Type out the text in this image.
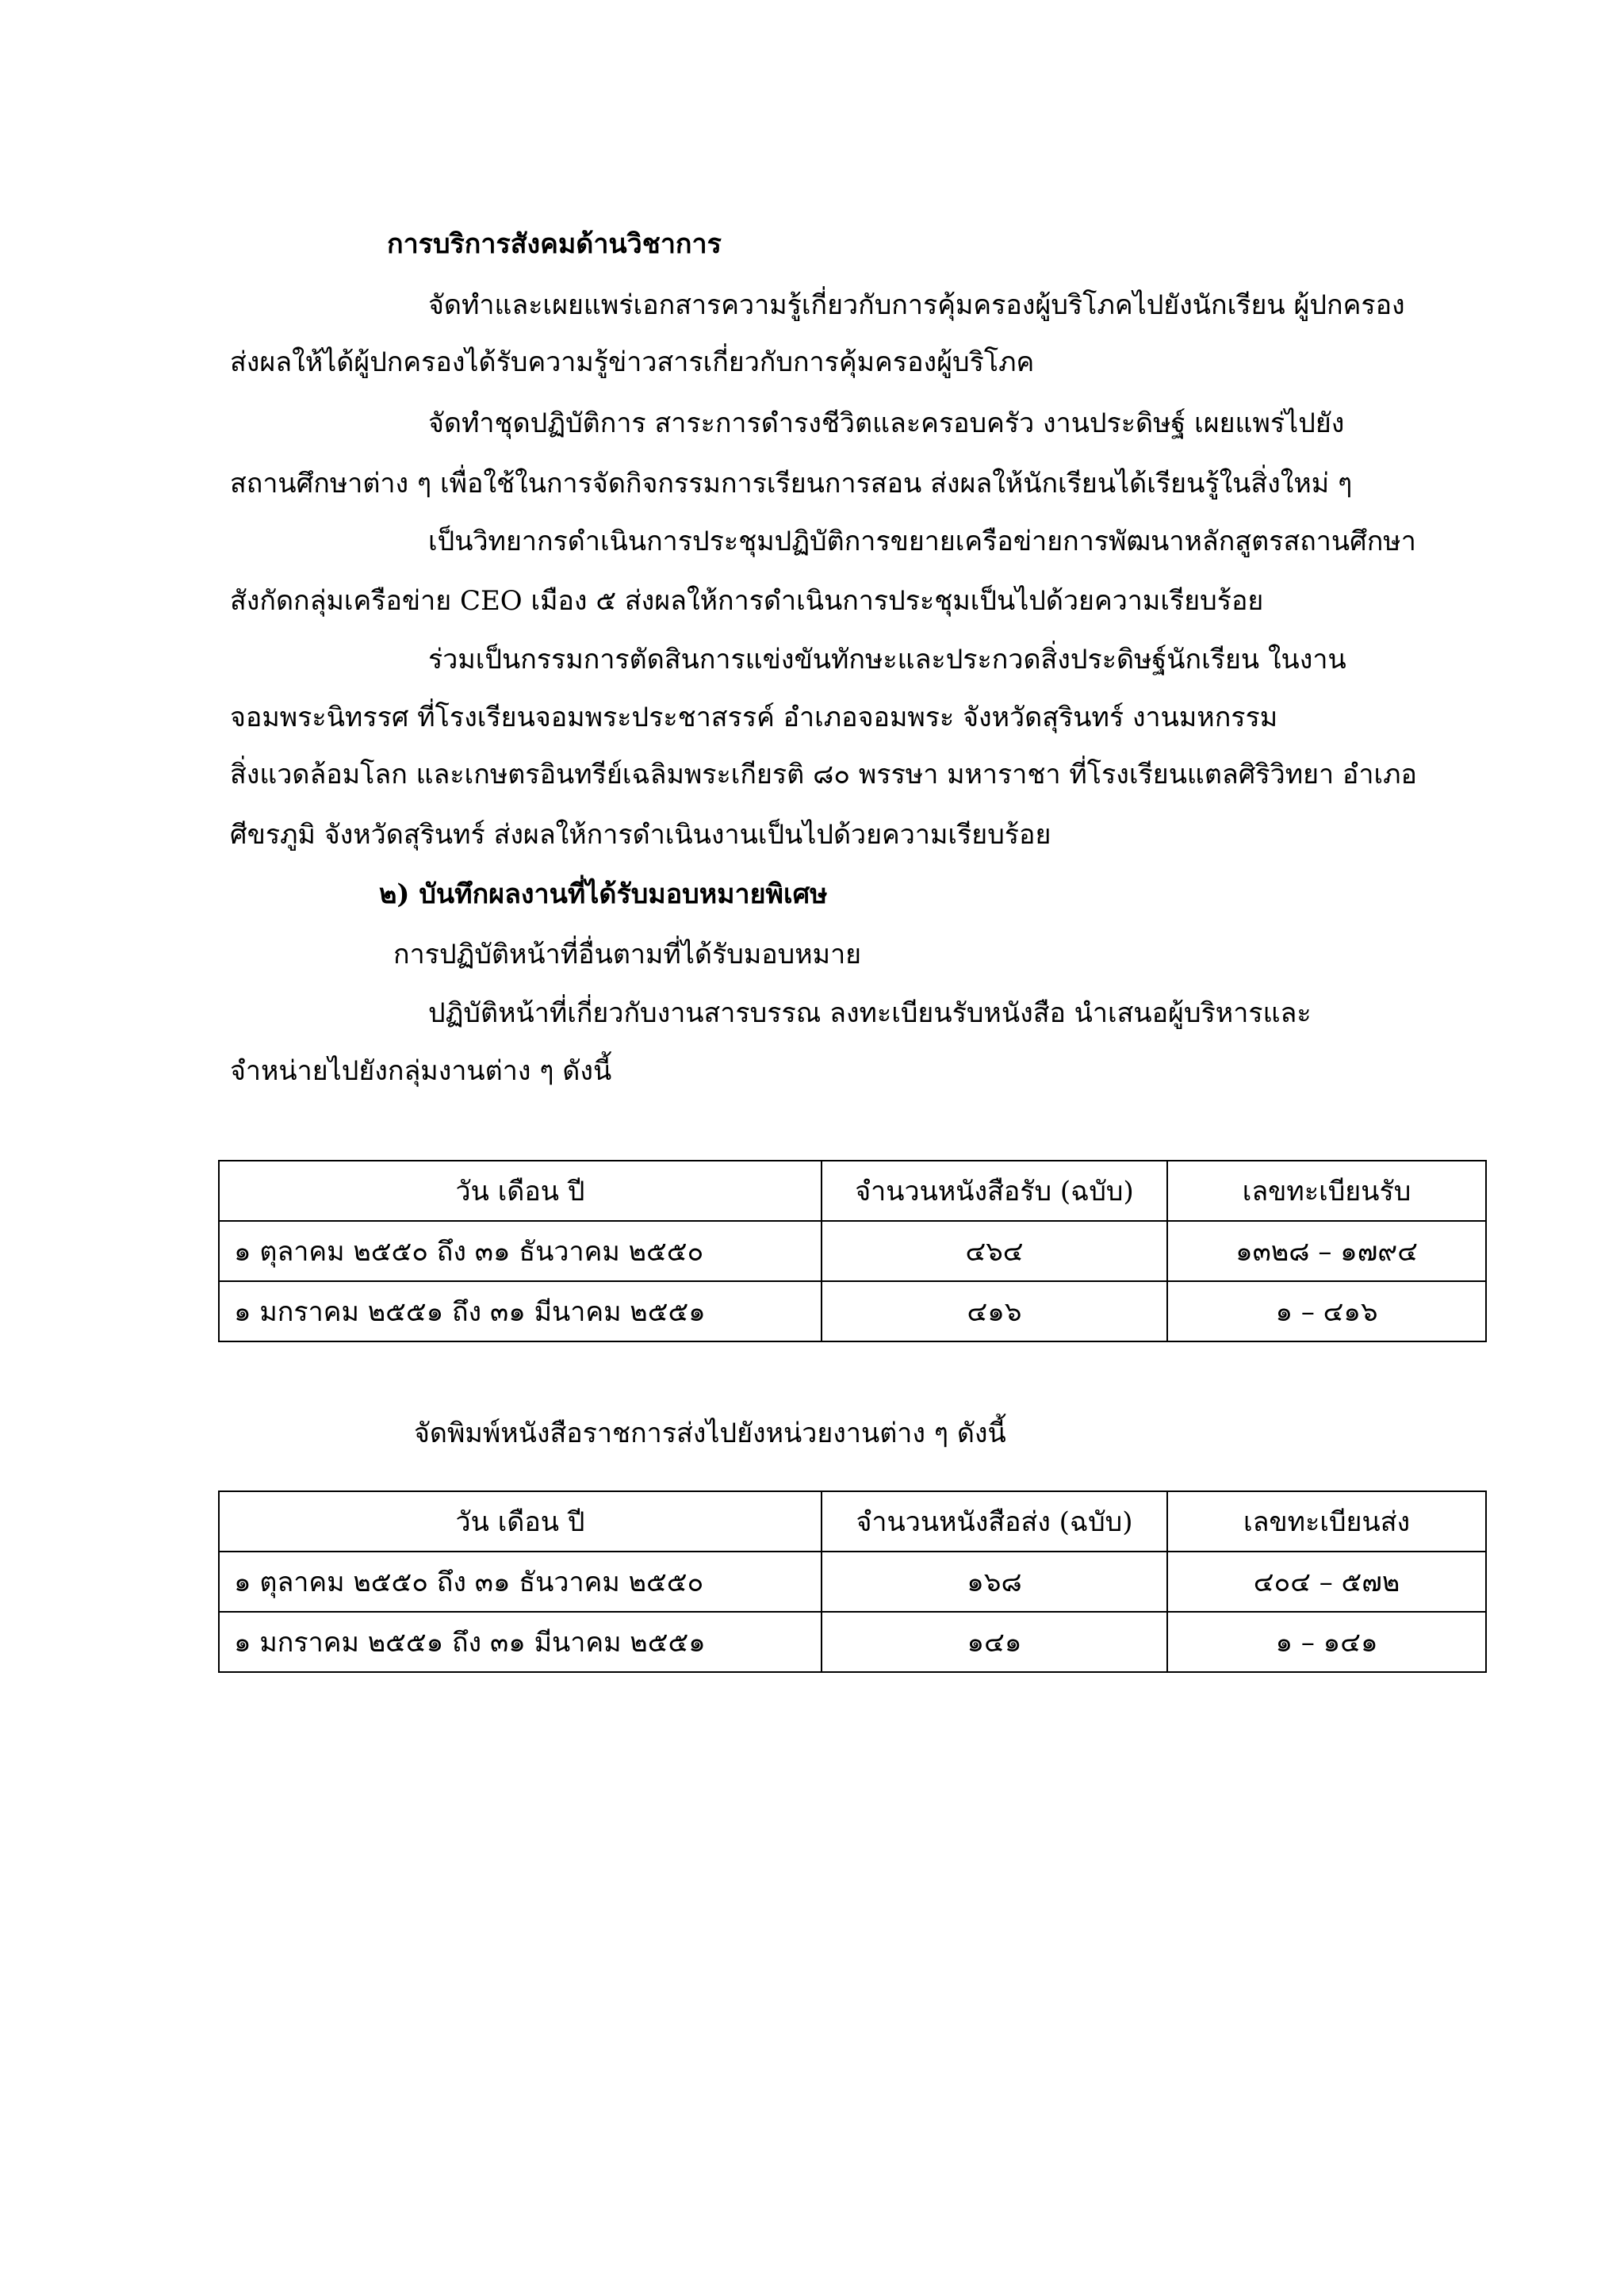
การบริการสังคมด้านวิชาการ
จัดทำและเผยแพร่เอกสารความรู้เกี่ยวกับการคุ้มครองผู้บริโภคไปยังนักเรียน ผู้ปกครอง
ส่งผลให้ได้ผู้ปกครองได้รับความรู้ข่าวสารเกี่ยวกับการคุ้มครองผู้บริโภค
จัดทำชุดปฏิบัติการ สาระการดำรงชีวิตและครอบครัว งานประดิษฐ์ เผยแพร่ไปยัง
สถานศึกษาต่าง ๆ เพื่อใช้ในการจัดกิจกรรมการเรียนการสอน ส่งผลให้นักเรียนได้เรียนรู้ในสิ่งใหม่ ๆ
เป็นวิทยากรดำเนินการประชุมปฏิบัติการขยายเครือข่ายการพัฒนาหลักสูตรสถานศึกษา
สังกัดกลุ่มเครือข่าย CEO เมือง ๕ ส่งผลให้การดำเนินการประชุมเป็นไปด้วยความเรียบร้อย
ร่วมเป็นกรรมการตัดสินการแข่งขันทักษะและประกวดสิ่งประดิษฐ์นักเรียน ในงาน
จอมพระนิทรรศ ที่โรงเรียนจอมพระประชาสรรค์ อำเภอจอมพระ จังหวัดสุรินทร์ งานมหกรรม
สิ่งแวดล้อมโลก และเกษตรอินทรีย์เฉลิมพระเกียรติ ๘๐ พรรษา มหาราชา ที่โรงเรียนแตลศิริวิทยา อำเภอ
ศีขรภูมิ จังหวัดสุรินทร์ ส่งผลให้การดำเนินงานเป็นไปด้วยความเรียบร้อย
๒) บันทึกผลงานที่ได้รับมอบหมายพิเศษ
การปฏิบัติหน้าที่อื่นตามที่ได้รับมอบหมาย
ปฏิบัติหน้าที่เกี่ยวกับงานสารบรรณ ลงทะเบียนรับหนังสือ นำเสนอผู้บริหารและ
จำหน่ายไปยังกลุ่มงานต่าง ๆ ดังนี้
วัน เดือน ปี	จำนวนหนังสือรับ (ฉบับ)	เลขทะเบียนรับ
๑ ตุลาคม ๒๕๕๐ ถึง ๓๑ ธันวาคม ๒๕๕๐	๔๖๔	๑๓๒๘ – ๑๗๙๔
๑ มกราคม ๒๕๕๑ ถึง ๓๑ มีนาคม ๒๕๕๑	๔๑๖	๑ – ๔๑๖
จัดพิมพ์หนังสือราชการส่งไปยังหน่วยงานต่าง ๆ ดังนี้
วัน เดือน ปี	จำนวนหนังสือส่ง (ฉบับ)	เลขทะเบียนส่ง
๑ ตุลาคม ๒๕๕๐ ถึง ๓๑ ธันวาคม ๒๕๕๐	๑๖๘	๔๐๔ – ๕๗๒
๑ มกราคม ๒๕๕๑ ถึง ๓๑ มีนาคม ๒๕๕๑	๑๔๑	๑ – ๑๔๑
